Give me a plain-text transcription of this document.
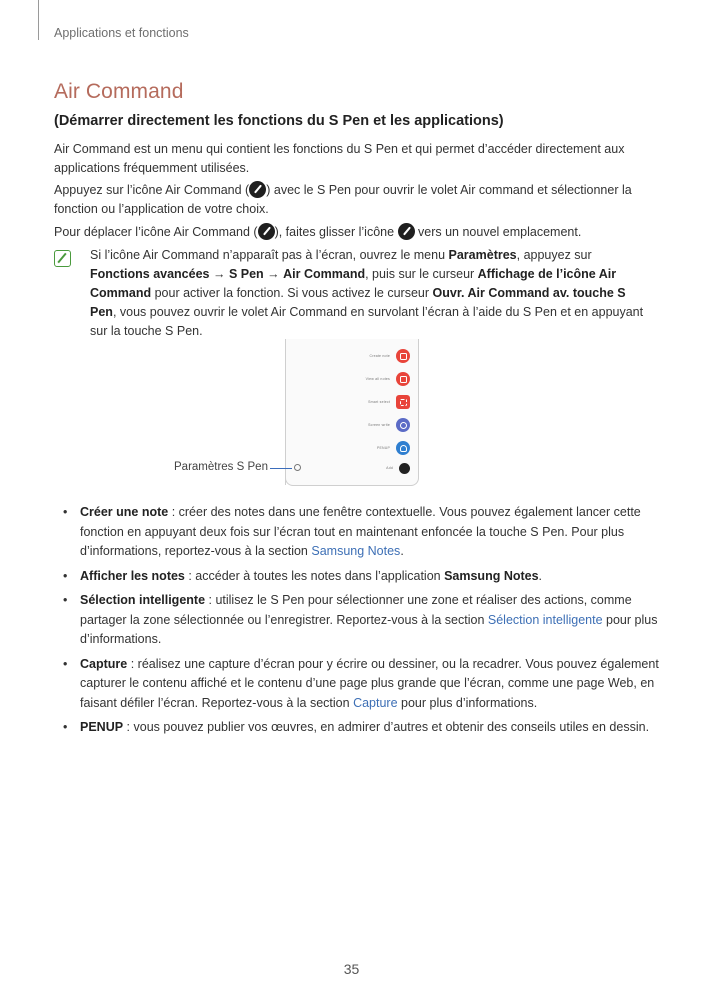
Applications et fonctions
Air Command
(Démarrer directement les fonctions du S Pen et les applications)
Air Command est un menu qui contient les fonctions du S Pen et qui permet d’accéder directement aux applications fréquemment utilisées.
Appuyez sur l’icône Air Command ( ) avec le S Pen pour ouvrir le volet Air command et sélectionner la fonction ou l’application de votre choix.
Pour déplacer l’icône Air Command ( ), faites glisser l’icône  vers un nouvel emplacement.
Si l’icône Air Command n’apparaît pas à l’écran, ouvrez le menu Paramètres, appuyez sur Fonctions avancées → S Pen → Air Command, puis sur le curseur Affichage de l’icône Air Command pour activer la fonction. Si vous activez le curseur Ouvr. Air Command av. touche S Pen, vous pouvez ouvrir le volet Air Command en survolant l’écran à l’aide du S Pen et en appuyant sur la touche S Pen.
Create note
View all notes
Smart select
Screen write
PENUP
Add
Paramètres S Pen
• Créer une note : créer des notes dans une fenêtre contextuelle. Vous pouvez également lancer cette fonction en appuyant deux fois sur l’écran tout en maintenant enfoncée la touche S Pen. Pour plus d’informations, reportez-vous à la section Samsung Notes.
• Afficher les notes : accéder à toutes les notes dans l’application Samsung Notes.
• Sélection intelligente : utilisez le S Pen pour sélectionner une zone et réaliser des actions, comme partager la zone sélectionnée ou l’enregistrer. Reportez-vous à la section Sélection intelligente pour plus d’informations.
• Capture : réalisez une capture d’écran pour y écrire ou dessiner, ou la recadrer. Vous pouvez également capturer le contenu affiché et le contenu d’une page plus grande que l’écran, comme une page Web, en faisant défiler l’écran. Reportez-vous à la section Capture pour plus d’informations.
• PENUP : vous pouvez publier vos œuvres, en admirer d’autres et obtenir des conseils utiles en dessin.
35
